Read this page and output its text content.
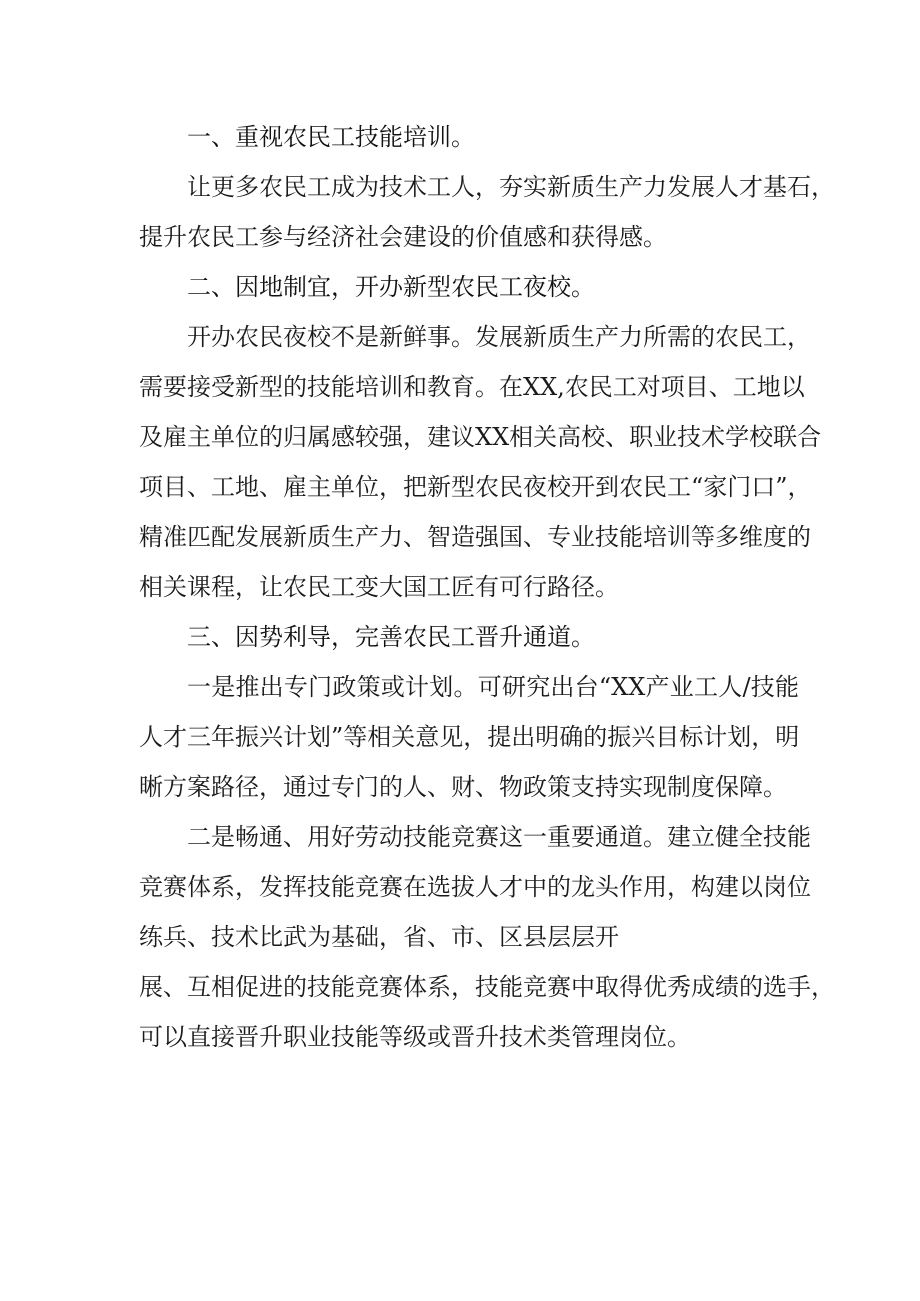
一、重视农民工技能培训。
让更多农民工成为技术工人，夯实新质生产力发展人才基石，
提升农民工参与经济社会建设的价值感和获得感。
二、因地制宜，开办新型农民工夜校。
开办农民夜校不是新鲜事。发展新质生产力所需的农民工，
需要接受新型的技能培训和教育。在XX,农民工对项目、工地以
及雇主单位的归属感较强，建议XX相关高校、职业技术学校联合
项目、工地、雇主单位，把新型农民夜校开到农民工“家门口”，
精准匹配发展新质生产力、智造强国、专业技能培训等多维度的
相关课程，让农民工变大国工匠有可行路径。
三、因势利导，完善农民工晋升通道。
一是推出专门政策或计划。可研究出台“XX产业工人/技能
人才三年振兴计划”等相关意见，提出明确的振兴目标计划，明
晰方案路径，通过专门的人、财、物政策支持实现制度保障。
二是畅通、用好劳动技能竞赛这一重要通道。建立健全技能
竞赛体系，发挥技能竞赛在选拔人才中的龙头作用，构建以岗位
练兵、技术比武为基础，省、市、区县层层开
展、互相促进的技能竞赛体系，技能竞赛中取得优秀成绩的选手，
可以直接晋升职业技能等级或晋升技术类管理岗位。
